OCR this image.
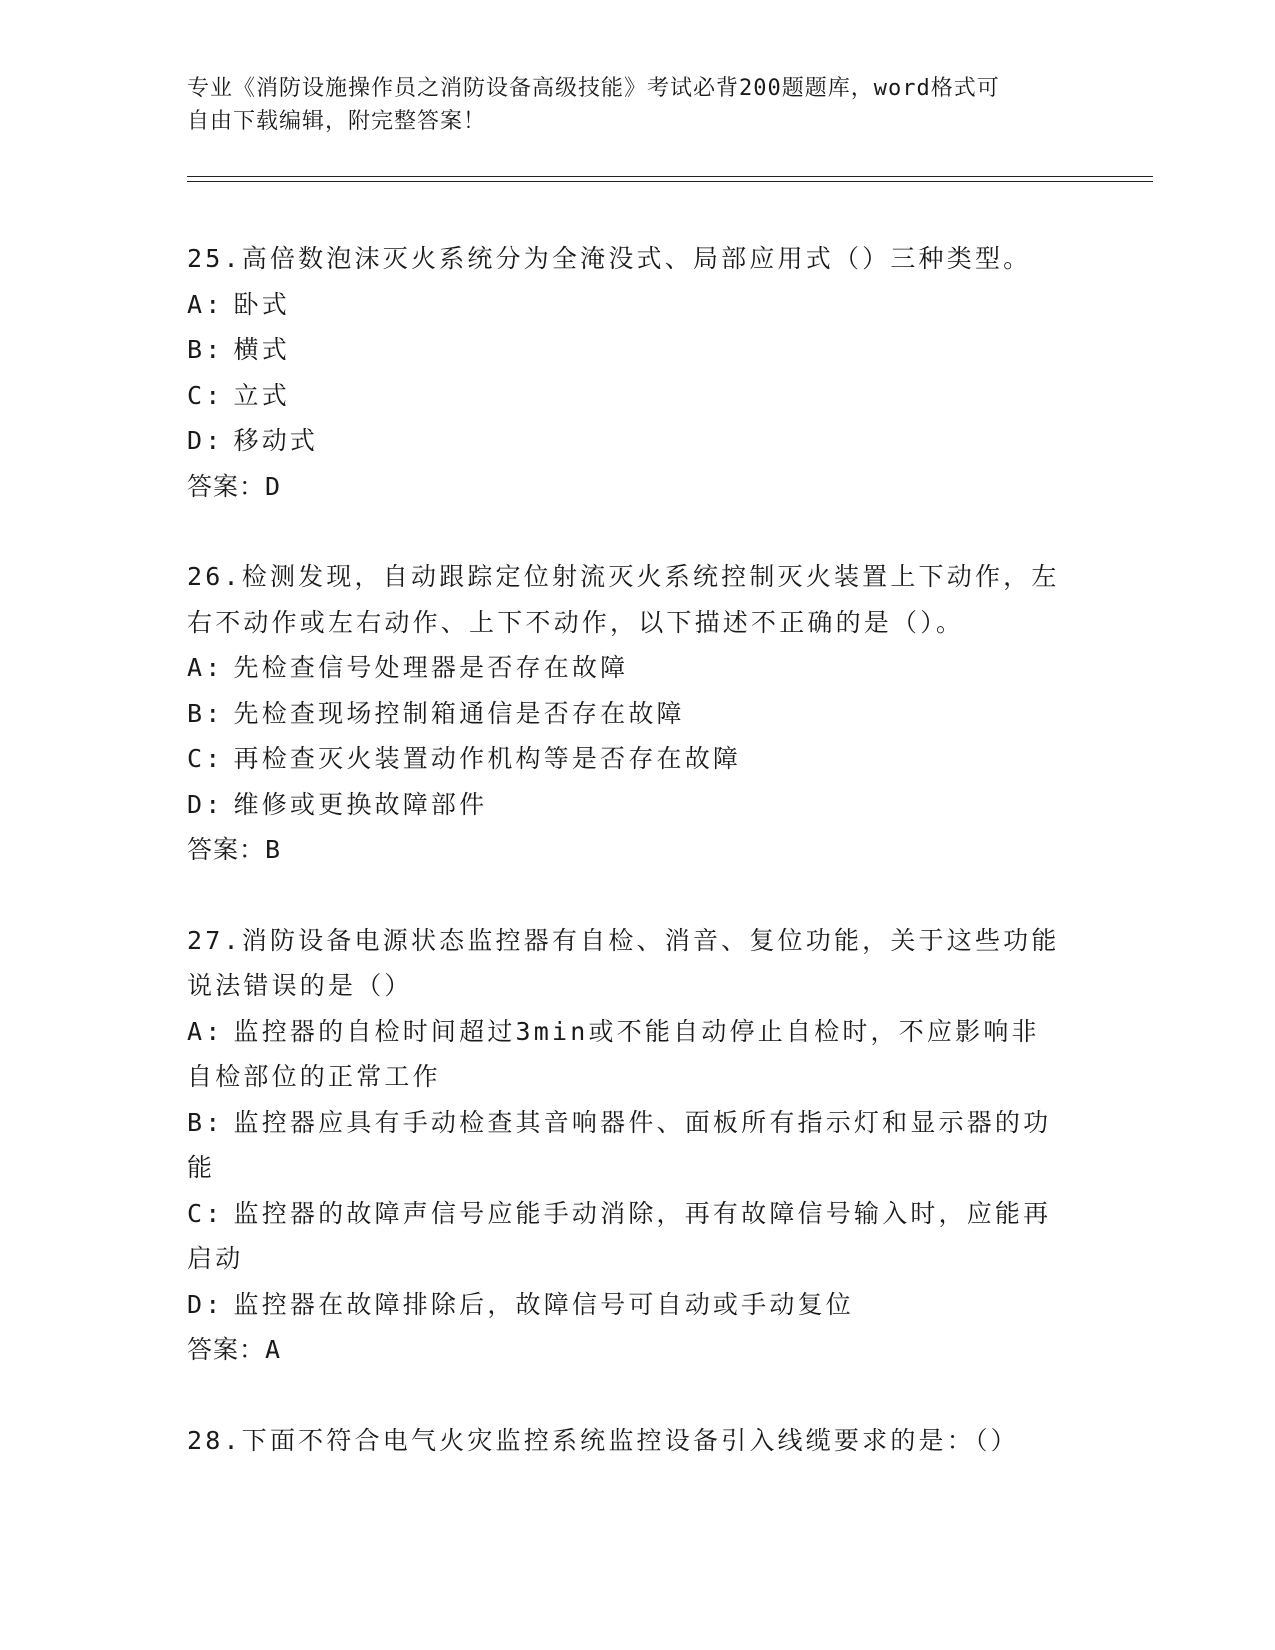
专业《消防设施操作员之消防设备高级技能》考试必背200题题库，word格式可
自由下载编辑，附完整答案！
25.高倍数泡沫灭火系统分为全淹没式、局部应用式（）三种类型。
A: 卧式
B: 横式
C: 立式
D: 移动式
答案：D
26.检测发现，自动跟踪定位射流灭火系统控制灭火装置上下动作，左
右不动作或左右动作、上下不动作，以下描述不正确的是（）。
A: 先检查信号处理器是否存在故障
B: 先检查现场控制箱通信是否存在故障
C: 再检查灭火装置动作机构等是否存在故障
D: 维修或更换故障部件
答案：B
27.消防设备电源状态监控器有自检、消音、复位功能，关于这些功能
说法错误的是（）
A: 监控器的自检时间超过3min或不能自动停止自检时，不应影响非
自检部位的正常工作
B: 监控器应具有手动检查其音响器件、面板所有指示灯和显示器的功
能
C: 监控器的故障声信号应能手动消除，再有故障信号输入时，应能再
启动
D: 监控器在故障排除后，故障信号可自动或手动复位
答案：A
28.下面不符合电气火灾监控系统监控设备引入线缆要求的是：（）
